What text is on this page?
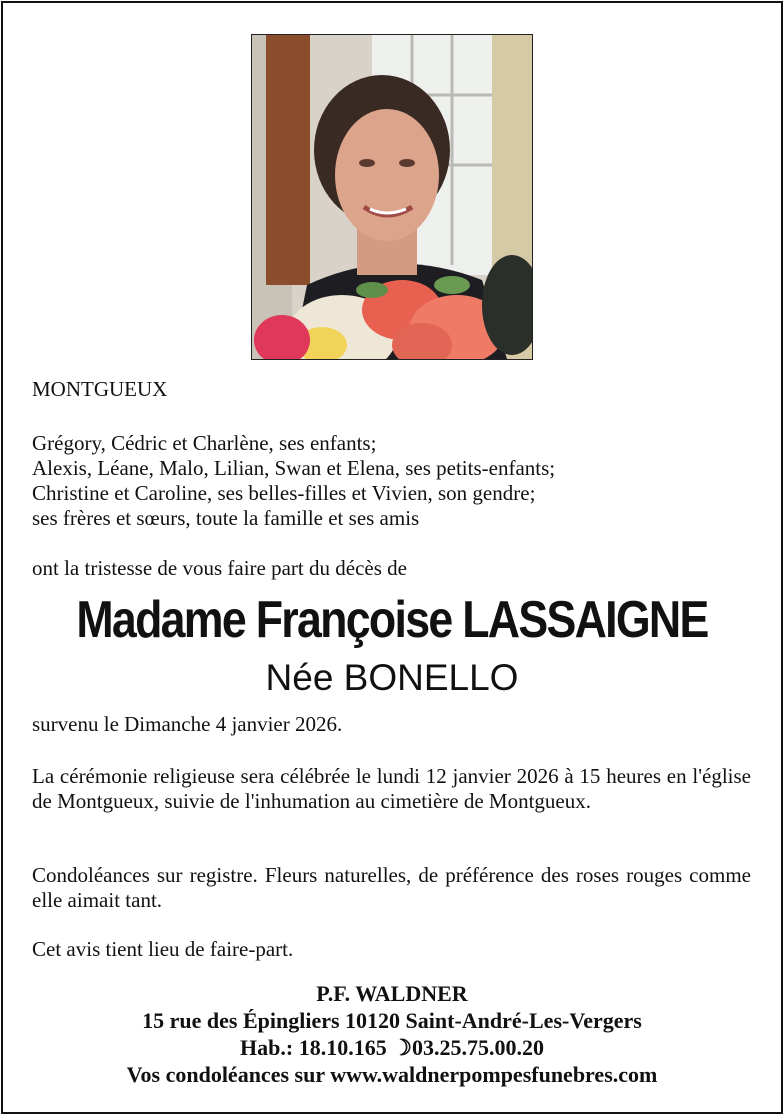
MONTGUEUX
Grégory, Cédric et Charlène, ses enfants;
Alexis, Léane, Malo, Lilian, Swan et Elena, ses petits-enfants;
Christine et Caroline, ses belles-filles et Vivien, son gendre;
ses frères et sœurs, toute la famille et ses amis
ont la tristesse de vous faire part du décès de
Madame Françoise LASSAIGNE
Née BONELLO
survenu le Dimanche 4 janvier 2026.
La cérémonie religieuse sera célébrée le lundi 12 janvier 2026 à 15 heures en l'église de Montgueux, suivie de l'inhumation au cimetière de Montgueux.
Condoléances sur registre. Fleurs naturelles, de préférence des roses rouges comme elle aimait tant.
Cet avis tient lieu de faire-part.
P.F. WALDNER
15 rue des Épingliers 10120 Saint-André-Les-Vergers
Hab.: 18.10.165 ☽03.25.75.00.20
Vos condoléances sur www.waldnerpompesfunebres.com
